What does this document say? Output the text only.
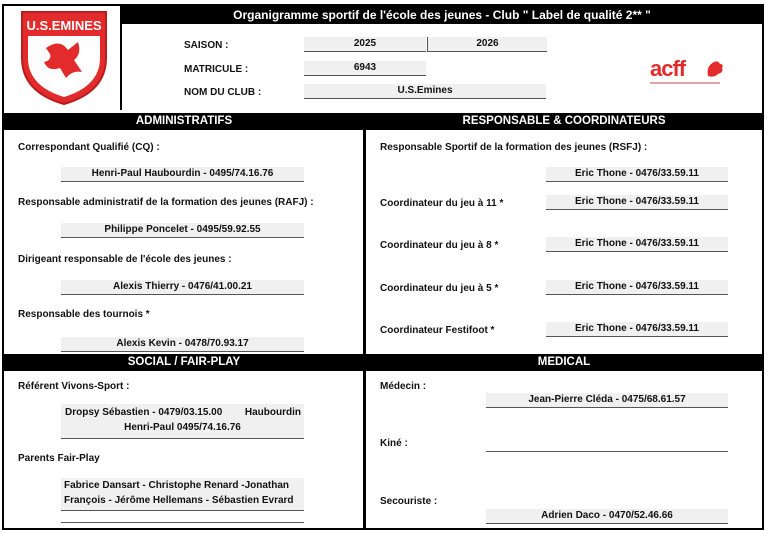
U.S.EMINES
Organigramme sportif de l'école des jeunes - Club " Label de qualité 2** "
SAISON :	2025	2026
MATRICULE :	6943
NOM DU CLUB :	U.S.Emines
acff
ADMINISTRATIFS	RESPONSABLE & COORDINATEURS
Correspondant Qualifié (CQ) :
Henri-Paul Haubourdin - 0495/74.16.76
Responsable administratif de la formation des jeunes (RAFJ) :
Philippe Poncelet - 0495/59.92.55
Dirigeant responsable de l'école des jeunes :
Alexis Thierry - 0476/41.00.21
Responsable des tournois *
Alexis Kevin - 0478/70.93.17
Responsable Sportif de la formation des jeunes (RSFJ) :
Eric Thone - 0476/33.59.11
Coordinateur du jeu à 11 *	Eric Thone - 0476/33.59.11
Coordinateur du jeu à 8 *	Eric Thone - 0476/33.59.11
Coordinateur du jeu à 5 *	Eric Thone - 0476/33.59.11
Coordinateur Festifoot *	Eric Thone - 0476/33.59.11
SOCIAL / FAIR-PLAY	MEDICAL
Référent Vivons-Sport :
Dropsy Sébastien - 0479/03.15.00 Haubourdin
Henri-Paul 0495/74.16.76
Parents Fair-Play
Fabrice Dansart - Christophe Renard -Jonathan
François - Jérôme Hellemans - Sébastien Evrard
Médecin :
Jean-Pierre Cléda - 0475/68.61.57
Kiné :
Secouriste :
Adrien Daco - 0470/52.46.66
